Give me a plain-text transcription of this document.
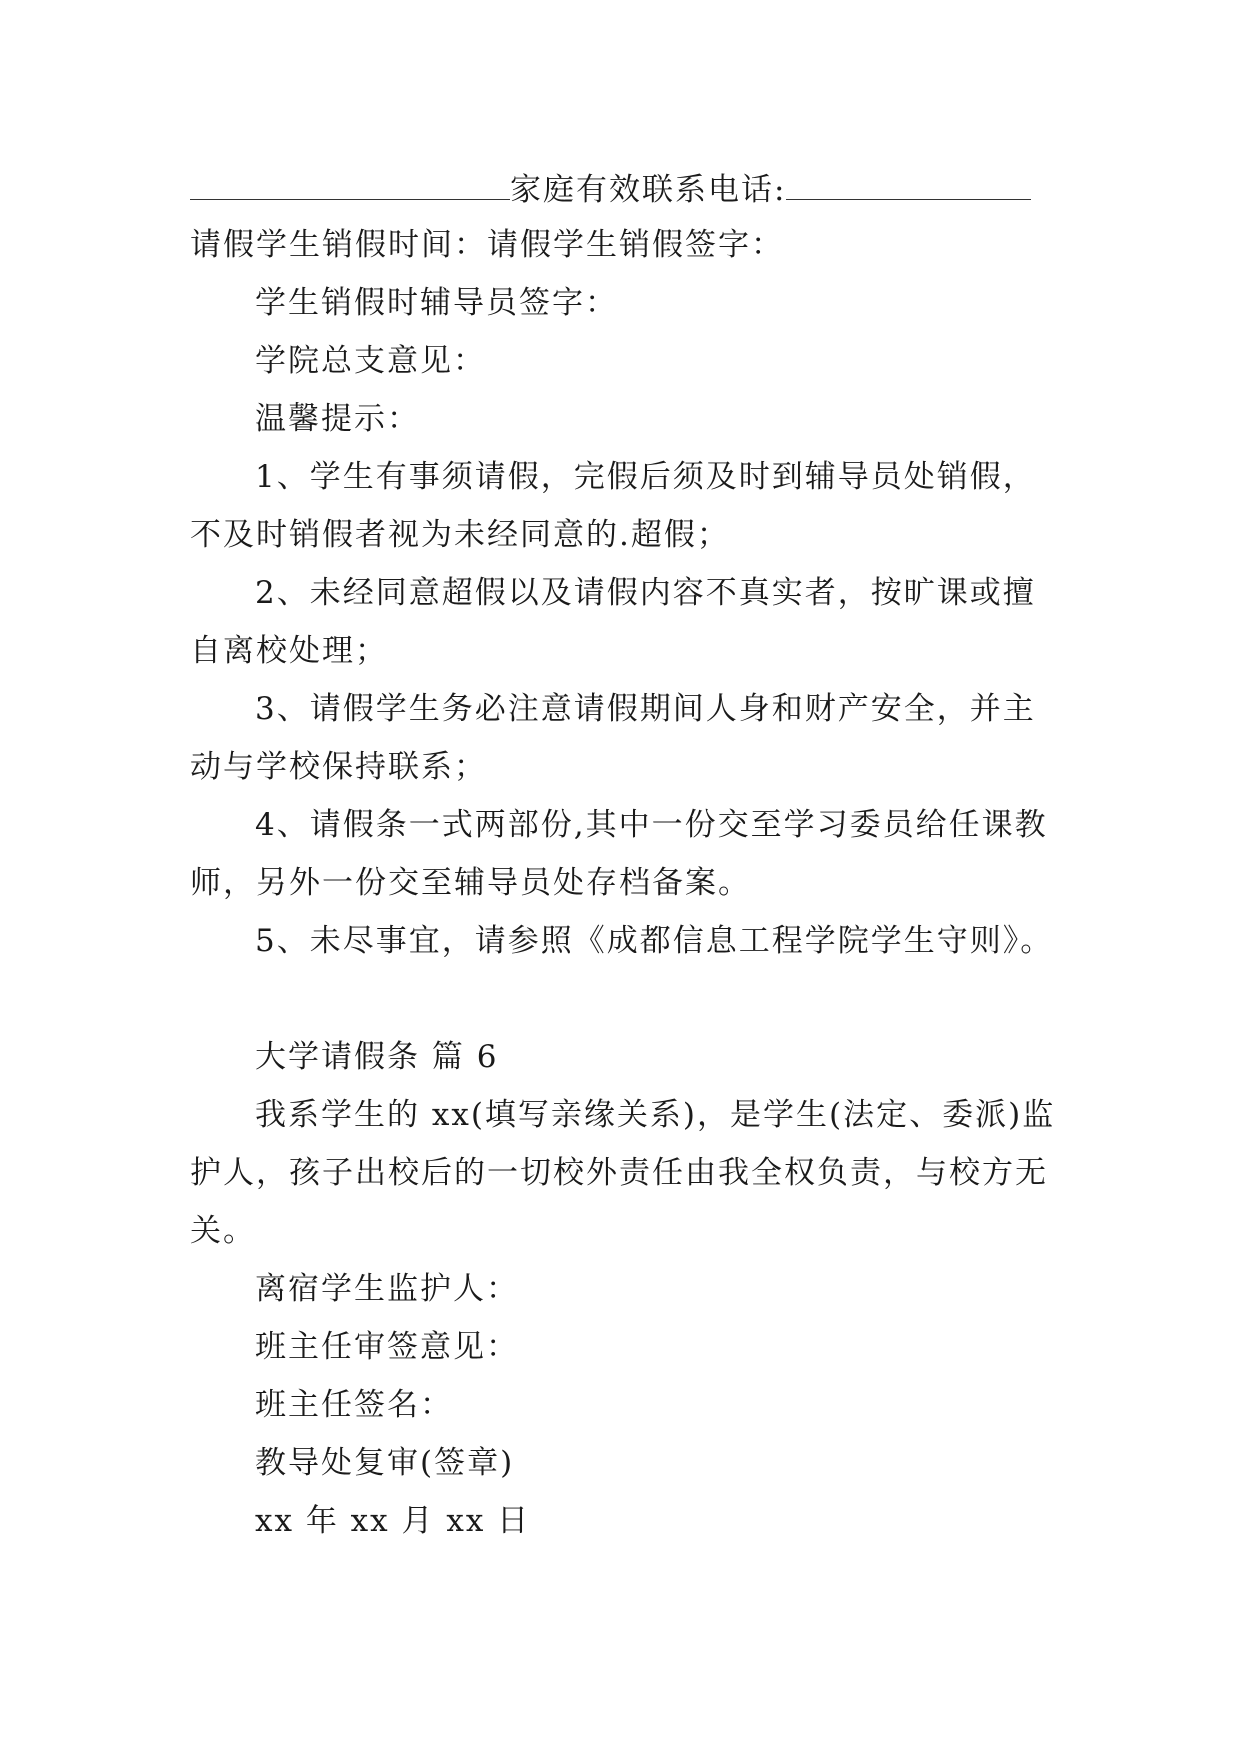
家庭有效联系电话:
请假学生销假时间：请假学生销假签字：
学生销假时辅导员签字：
学院总支意见：
温馨提示：
1、学生有事须请假，完假后须及时到辅导员处销假，
不及时销假者视为未经同意的.超假；
2、未经同意超假以及请假内容不真实者，按旷课或擅
自离校处理；
3、请假学生务必注意请假期间人身和财产安全，并主
动与学校保持联系；
4、请假条一式两部份,其中一份交至学习委员给任课教
师，另外一份交至辅导员处存档备案。
5、未尽事宜，请参照《成都信息工程学院学生守则》。
大学请假条 篇 6
我系学生的 xx(填写亲缘关系)，是学生(法定、委派)监
护人，孩子出校后的一切校外责任由我全权负责，与校方无
关。
离宿学生监护人：
班主任审签意见：
班主任签名：
教导处复审(签章)
xx 年 xx 月 xx 日
